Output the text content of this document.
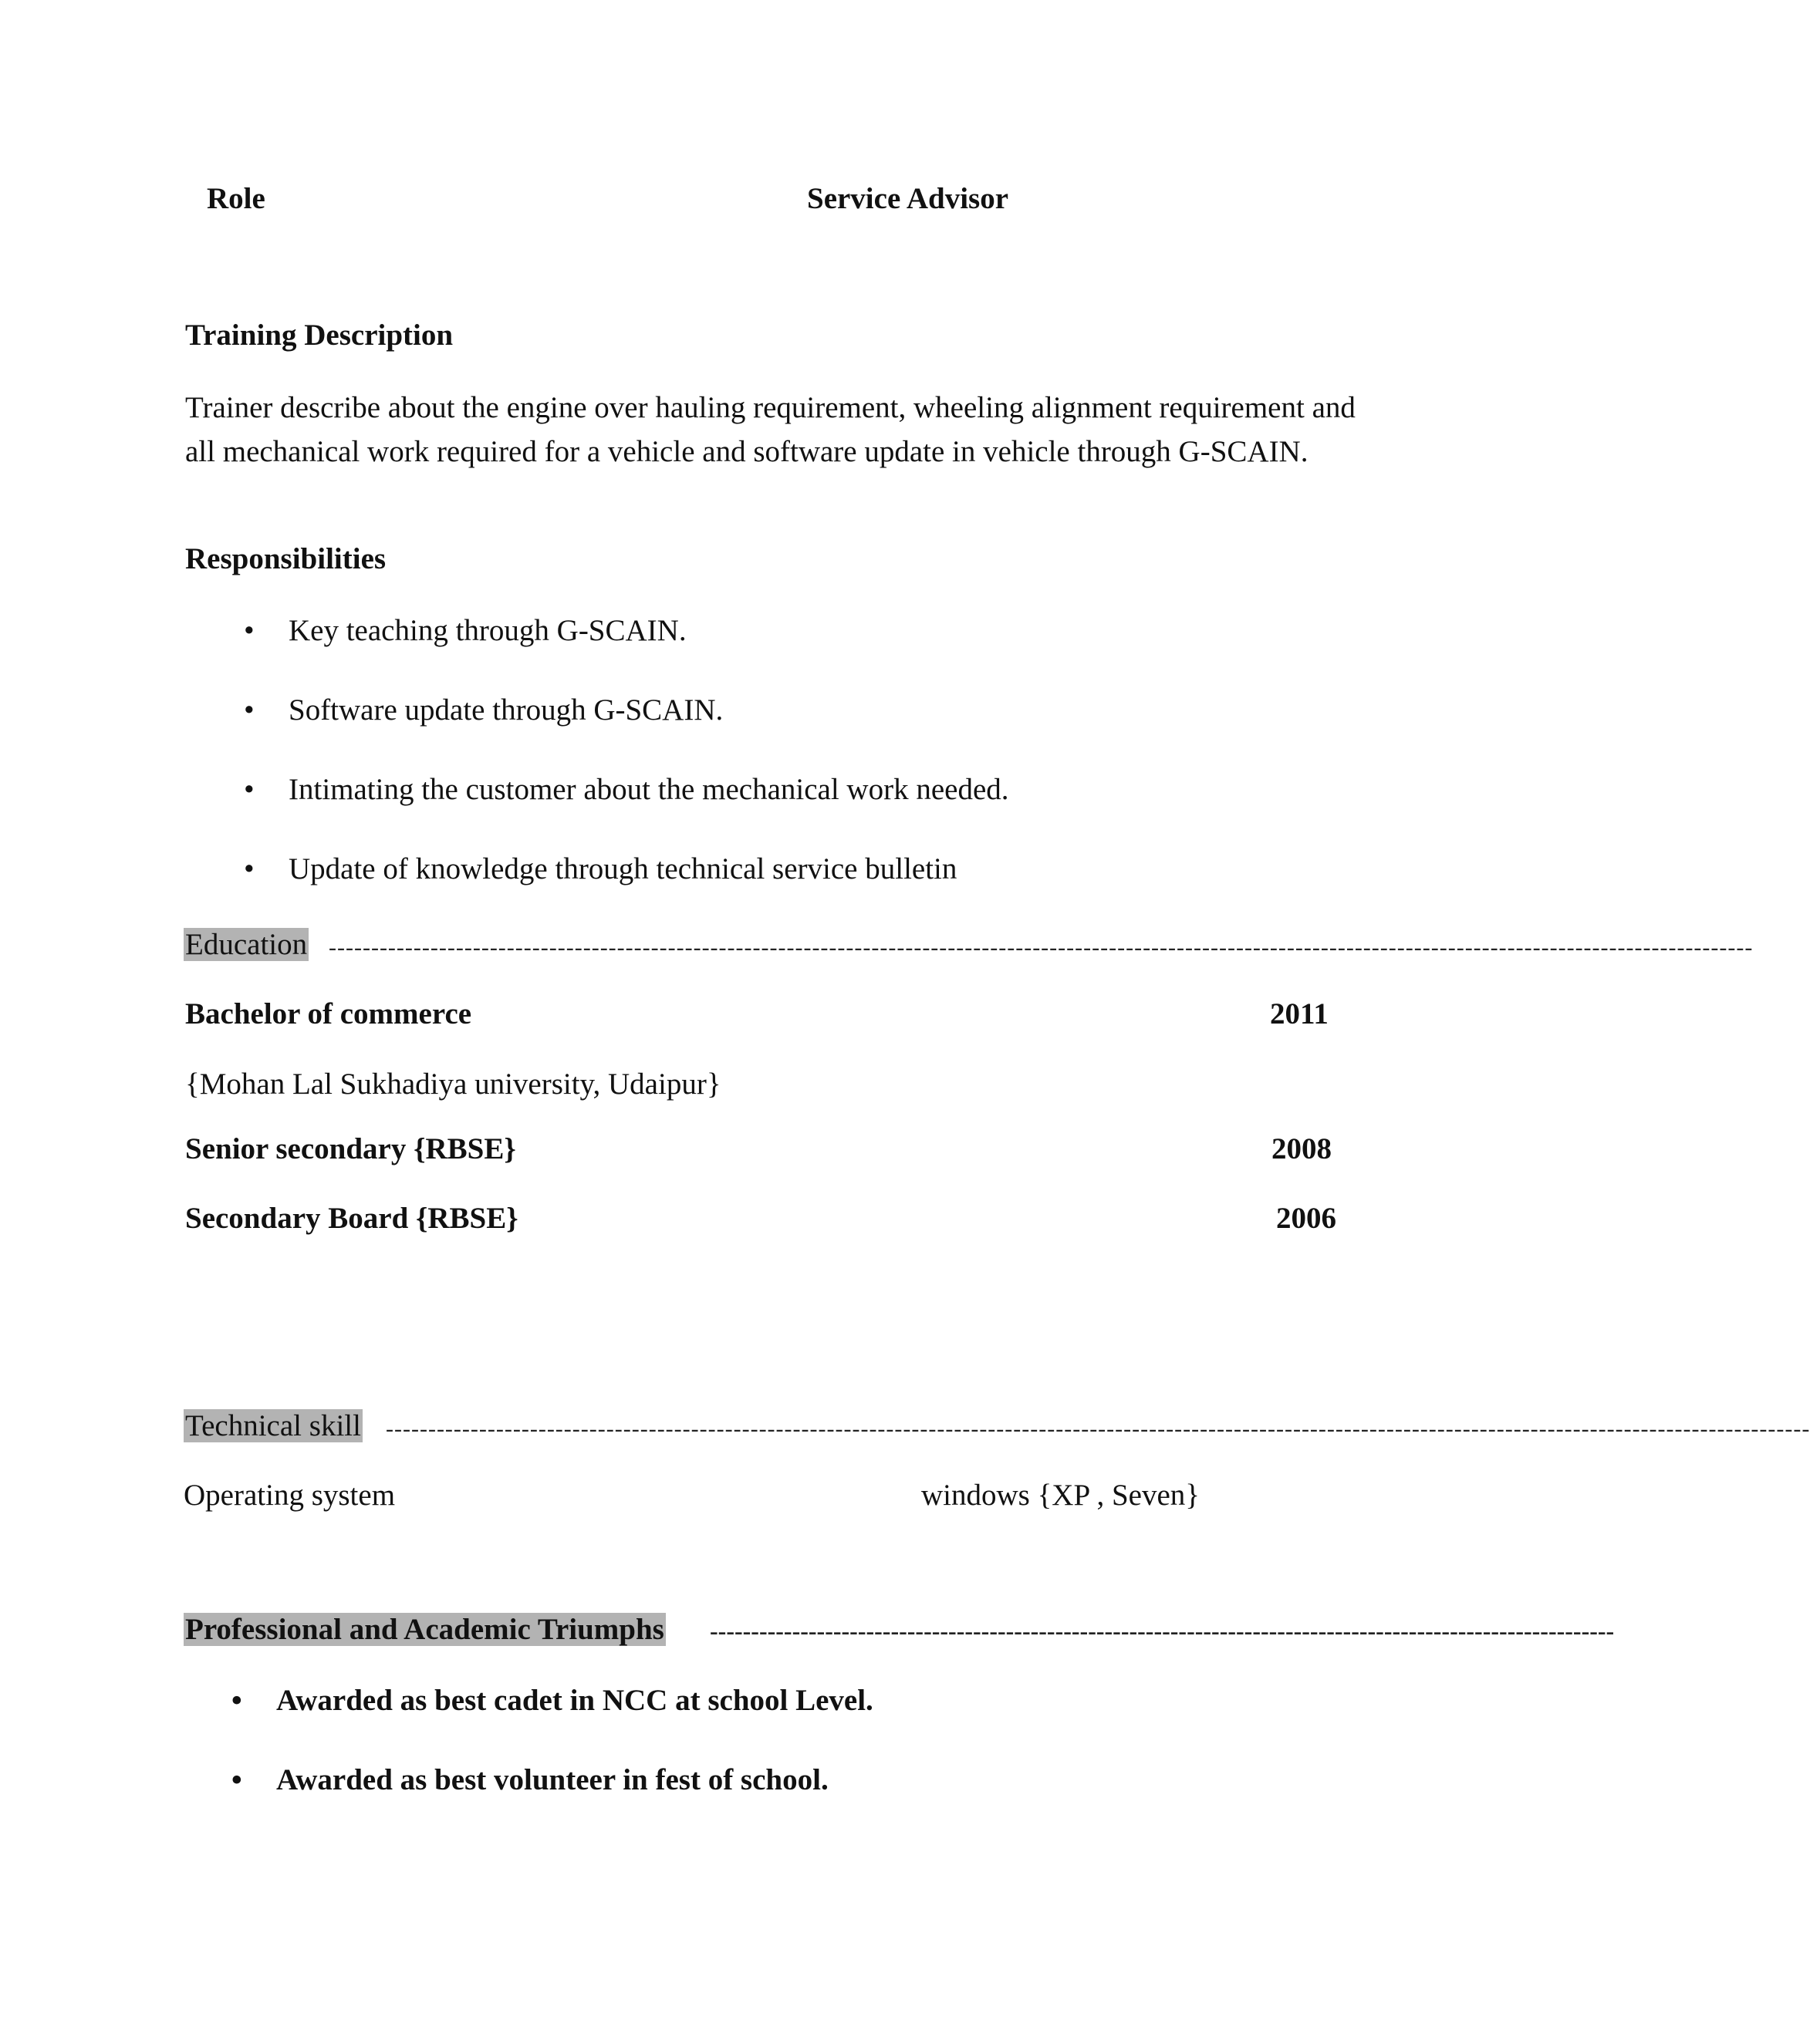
Role	Service Advisor
Training Description
Trainer describe about the engine over hauling requirement, wheeling alignment requirement and all mechanical work required for a vehicle and software update in vehicle through G-SCAIN.
Responsibilities
• Key teaching through G-SCAIN.
• Software update through G-SCAIN.
• Intimating the customer about the mechanical work needed.
• Update of knowledge through technical service bulletin
Education ------------------------------------------------------------------------------------------------------------------------------------------------------------------------
Bachelor of commerce	2011
{Mohan Lal Sukhadiya university, Udaipur}
Senior secondary {RBSE}	2008
Secondary Board {RBSE}	2006
Technical skill ------------------------------------------------------------------------------------------------------------------------------------------------------------------------
Operating system	windows {XP , Seven}
Professional and Academic Triumphs --------------------------------------------------------------------------------------------------------------
• Awarded as best cadet in NCC at school Level.
• Awarded as best volunteer in fest of school.
